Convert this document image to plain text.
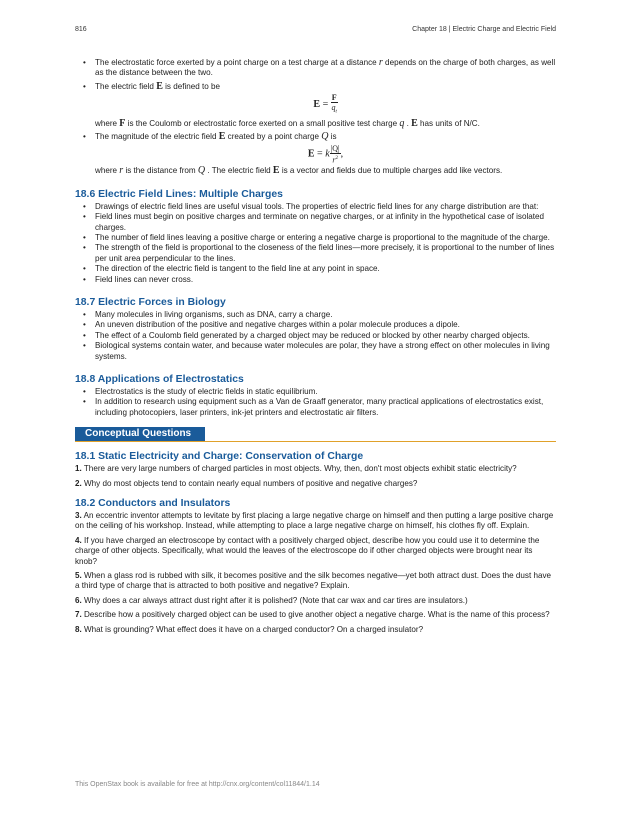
816	Chapter 18 | Electric Charge and Electric Field
• The electrostatic force exerted by a point charge on a test charge at a distance r depends on the charge of both charges, as well as the distance between the two.
• The electric field E is defined to be
$E = \frac{F}{q_t}$
where F is the Coulomb or electrostatic force exerted on a small positive test charge q . E has units of N/C.
• The magnitude of the electric field E created by a point charge Q is
E = k $\frac{|Q|}{r^2}$ ,
where r is the distance from Q . The electric field E is a vector and fields due to multiple charges add like vectors.
18.6 Electric Field Lines: Multiple Charges
• Drawings of electric field lines are useful visual tools. The properties of electric field lines for any charge distribution are that:
• Field lines must begin on positive charges and terminate on negative charges, or at infinity in the hypothetical case of isolated charges.
• The number of field lines leaving a positive charge or entering a negative charge is proportional to the magnitude of the charge.
• The strength of the field is proportional to the closeness of the field lines—more precisely, it is proportional to the number of lines per unit area perpendicular to the lines.
• The direction of the electric field is tangent to the field line at any point in space.
• Field lines can never cross.
18.7 Electric Forces in Biology
• Many molecules in living organisms, such as DNA, carry a charge.
• An uneven distribution of the positive and negative charges within a polar molecule produces a dipole.
• The effect of a Coulomb field generated by a charged object may be reduced or blocked by other nearby charged objects.
• Biological systems contain water, and because water molecules are polar, they have a strong effect on other molecules in living systems.
18.8 Applications of Electrostatics
• Electrostatics is the study of electric fields in static equilibrium.
• In addition to research using equipment such as a Van de Graaff generator, many practical applications of electrostatics exist, including photocopiers, laser printers, ink-jet printers and electrostatic air filters.
Conceptual Questions
18.1 Static Electricity and Charge: Conservation of Charge

1. There are very large numbers of charged particles in most objects. Why, then, don't most objects exhibit static electricity?

2. Why do most objects tend to contain nearly equal numbers of positive and negative charges?

18.2 Conductors and Insulators

3. An eccentric inventor attempts to levitate by first placing a large negative charge on himself and then putting a large positive charge on the ceiling of his workshop. Instead, while attempting to place a large negative charge on himself, his clothes fly off. Explain.

4. If you have charged an electroscope by contact with a positively charged object, describe how you could use it to determine the charge of other objects. Specifically, what would the leaves of the electroscope do if other charged objects were brought near its knob?

5. When a glass rod is rubbed with silk, it becomes positive and the silk becomes negative—yet both attract dust. Does the dust have a third type of charge that is attracted to both positive and negative? Explain.

6. Why does a car always attract dust right after it is polished? (Note that car wax and car tires are insulators.)

7. Describe how a positively charged object can be used to give another object a negative charge. What is the name of this process?

8. What is grounding? What effect does it have on a charged conductor? On a charged insulator?

This OpenStax book is available for free at http://cnx.org/content/col11844/1.14
